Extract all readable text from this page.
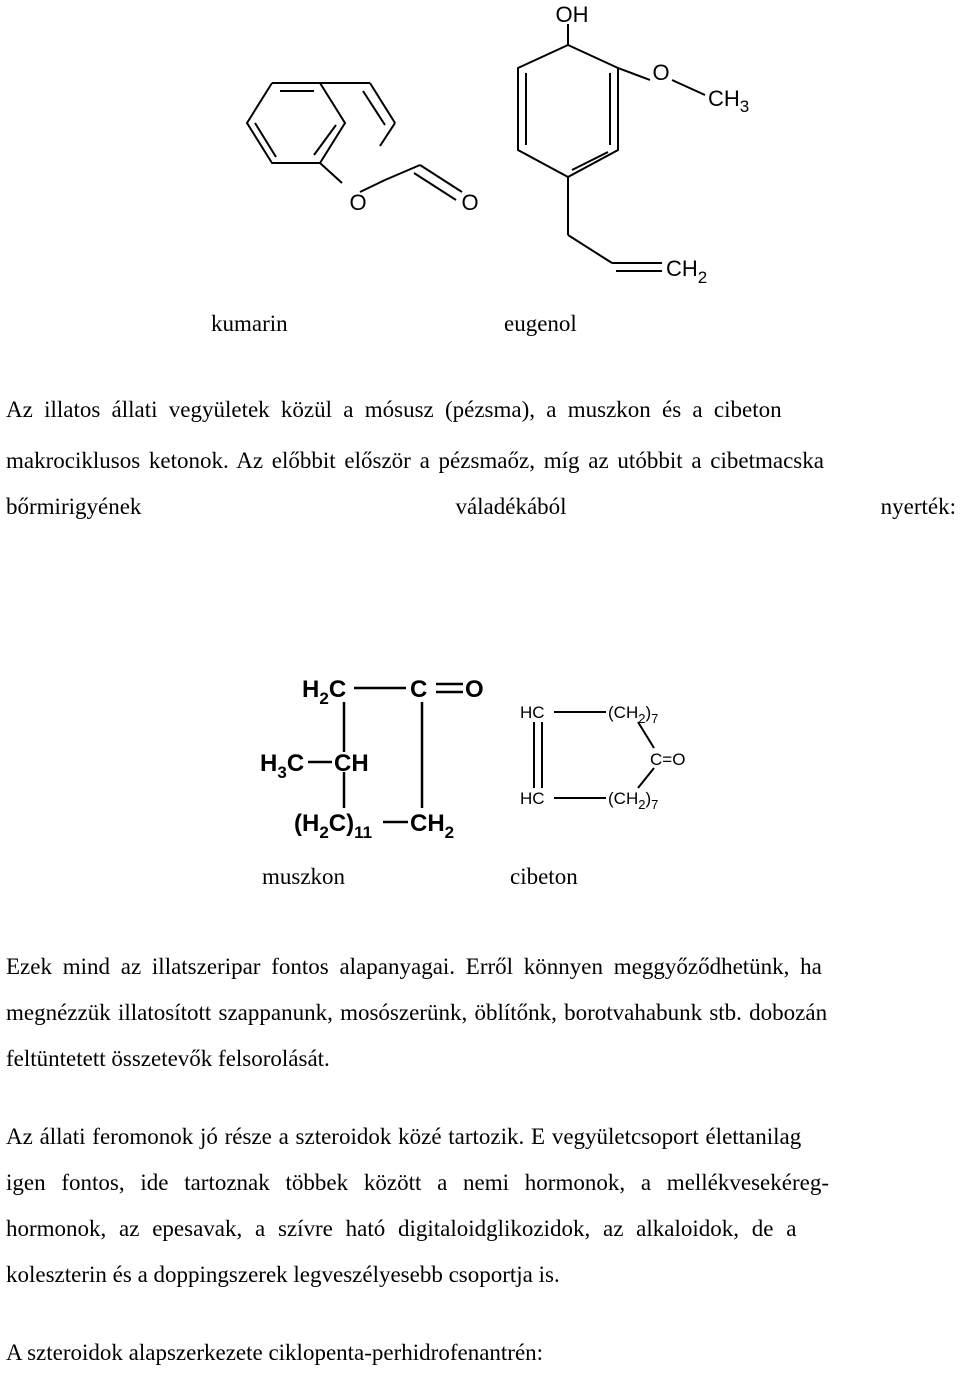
O	O
OH
O
$CH_3$
$CH_2$
kumarin	eugenol
Az illatos állati vegyületek közül a mósusz (pézsma), a muszkon és a cibeton
makrociklusos ketonok. Az előbbit először a pézsmaőz, míg az utóbbit a cibetmacska
bőrmirigyének	váladékából	nyerték:
$H_2C$	C O
$H_3C$ CH
$(H_2C)_{11}$ $CH_2$
HC	$(CH_2)_7$
C=O
HC	$(CH_2)_7$
muszkon	cibeton
Ezek mind az illatszeripar fontos alapanyagai. Erről könnyen meggyőződhetünk, ha
megnézzük illatosított szappanunk, mosószerünk, öblítőnk, borotvahabunk stb. dobozán
feltüntetett összetevők felsorolását.
Az állati feromonok jó része a szteroidok közé tartozik. E vegyületcsoport élettanilag
igen fontos, ide tartoznak többek között a nemi hormonok, a mellékvesekéreg-
hormonok, az epesavak, a szívre ható digitaloidglikozidok, az alkaloidok, de a
koleszterin és a doppingszerek legveszélyesebb csoportja is.
A szteroidok alapszerkezete ciklopenta-perhidrofenantrén:
